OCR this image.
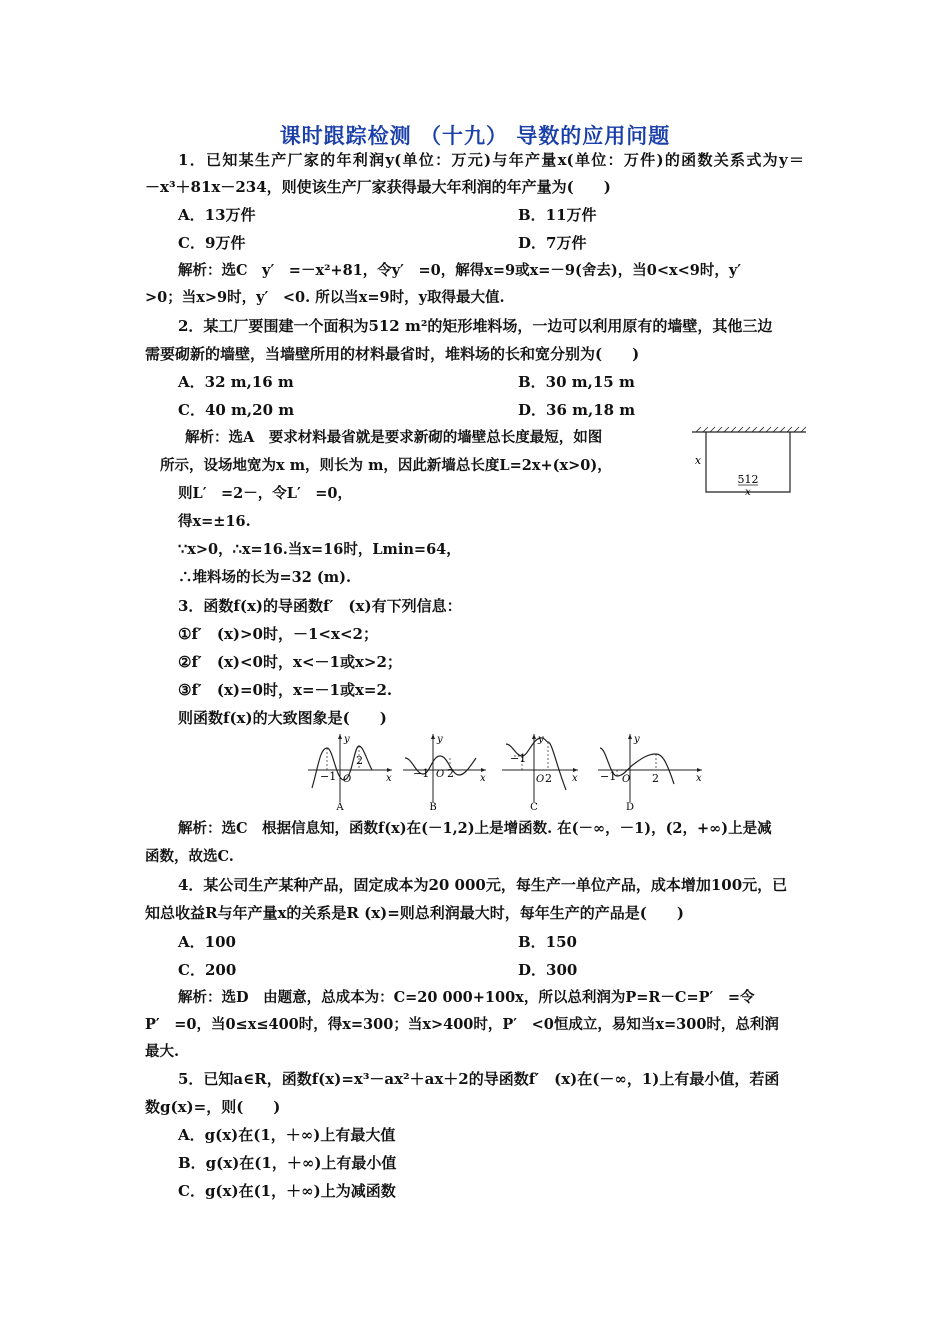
课时跟踪检测 （十九） 导数的应用问题
1．已知某生产厂家的年利润y(单位：万元)与年产量x(单位：万件)的函数关系式为y＝
－x³＋81x－234，则使该生产厂家获得最大年利润的年产量为(　　)
A．13万件	B．11万件
C．9万件	D．7万件
解析：选C　y′　=－x²+81，令y′　=0，解得x=9或x=－9(舍去)，当0<x<9时，y′
>0；当x>9时，y′　<0. 所以当x=9时，y取得最大值.
2．某工厂要围建一个面积为512 m²的矩形堆料场，一边可以利用原有的墙壁，其他三边
需要砌新的墙壁，当墙壁所用的材料最省时，堆料场的长和宽分别为(　　)
A．32 m,16 m	B．30 m,15 m
C．40 m,20 m	D．36 m,18 m
解析：选A　要求材料最省就是要求新砌的墙壁总长度最短，如图
所示，设场地宽为x m，则长为 m，因此新墙总长度L=2x+(x>0)，
则L′　=2－，令L′　=0，
得x=±16.
∵x>0，∴x=16.当x=16时，Lmin=64，
∴堆料场的长为=32 (m).
x
512
x
3．函数f(x)的导函数f′　(x)有下列信息：
①f′　(x)>0时，－1<x<2；
②f′　(x)<0时，x<－1或x>2；
③f′　(x)=0时，x=－1或x=2.
则函数f(x)的大致图象是(　　)
y
x
−1 O
2
A
y
x
−1 O 2
B
y
x
−1
O 2
C
y
x
−1 O 2
D
解析：选C　根据信息知，函数f(x)在(－1,2)上是增函数. 在(－∞，－1)，(2，+∞)上是减
函数，故选C.
4．某公司生产某种产品，固定成本为20 000元，每生产一单位产品，成本增加100元，已
知总收益R与年产量x的关系是R (x)=则总利润最大时，每年生产的产品是(　　)
A．100	B．150
C．200	D．300
解析：选D　由题意，总成本为：C=20 000+100x，所以总利润为P=R－C=P′　=令
P′　=0，当0≤x≤400时，得x=300；当x>400时，P′　<0恒成立，易知当x=300时，总利润
最大.
5．已知a∈R，函数f(x)=x³－ax²＋ax＋2的导函数f′　(x)在(－∞，1)上有最小值，若函
数g(x)=，则(　　)
A．g(x)在(1，＋∞)上有最大值
B．g(x)在(1，＋∞)上有最小值
C．g(x)在(1，＋∞)上为减函数
